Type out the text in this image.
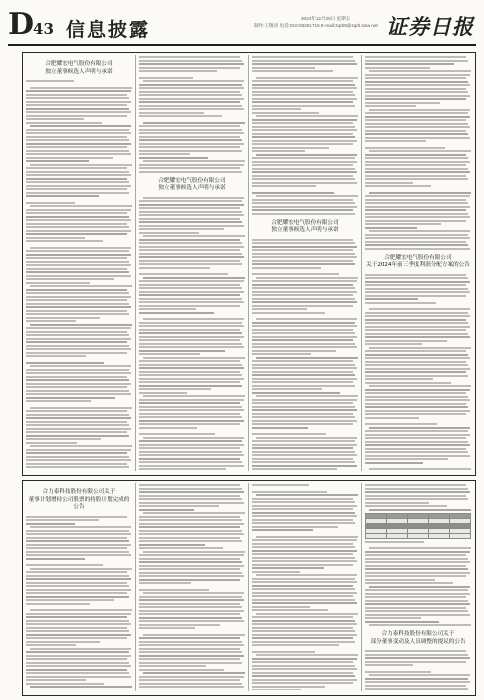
D43 信息披露
2024年12月20日 星期五
制作:王敬涛 电话:010-83251716 E-mail:zqrb9@zqrb.sina.net 证券日报
合肥耀宏电气股份有限公司
独立董事候选人声明与承诺
合肥耀宏电气股份有限公司
独立董事候选人声明与承诺
合肥耀宏电气股份有限公司
独立董事候选人声明与承诺
合肥耀宏电气股份有限公司
关于2024年前三季度利润分配方案的公告
合力泰科技股份有限公司关于
董事计划增持公司股票的持股计划完成的公告

合力泰科技股份有限公司关于
部分董事变动及人员调整的提议的公告
